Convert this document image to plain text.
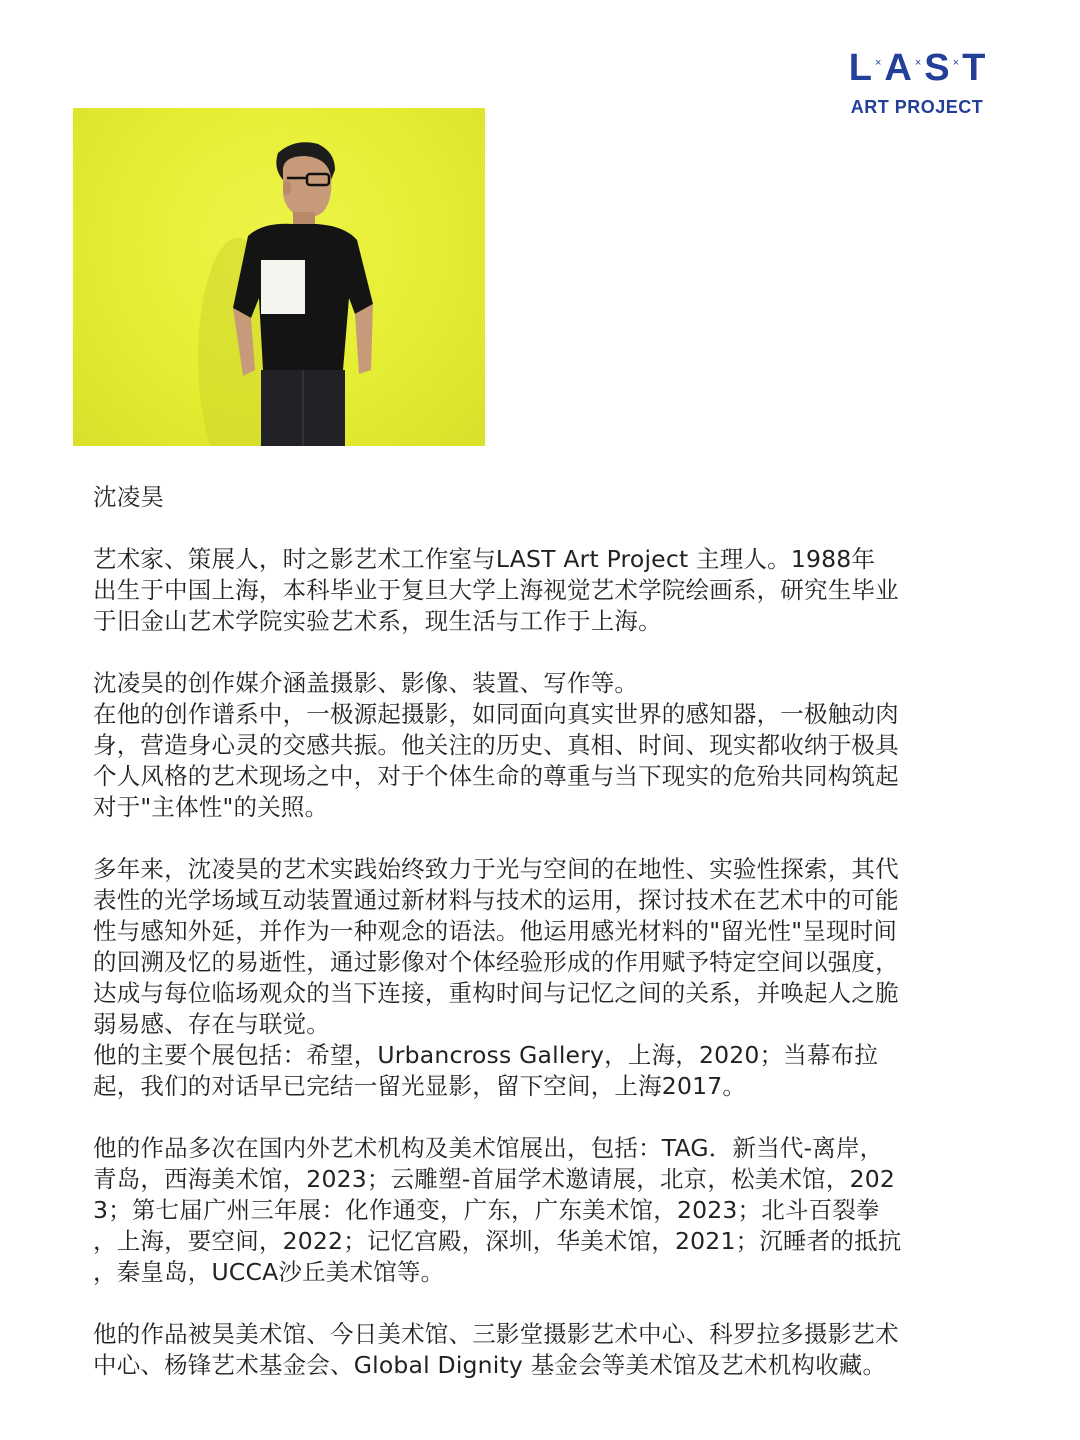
L × A × S × T
ART PROJECT

沈凌昊

艺术家、策展人，时之影艺术工作室与LAST Art Project 主理人。1988年

出生于中国上海，本科毕业于复旦大学上海视觉艺术学院绘画系，研究生毕业

于旧金山艺术学院实验艺术系，现生活与工作于上海。

沈凌昊的创作媒介涵盖摄影、影像、装置、写作等。

在他的创作谱系中，一极源起摄影，如同面向真实世界的感知器，一极触动肉

身，营造身心灵的交感共振。他关注的历史、真相、时间、现实都收纳于极具

个人风格的艺术现场之中，对于个体生命的尊重与当下现实的危殆共同构筑起

对于"主体性"的关照。

多年来，沈凌昊的艺术实践始终致力于光与空间的在地性、实验性探索，其代

表性的光学场域互动装置通过新材料与技术的运用，探讨技术在艺术中的可能

性与感知外延，并作为一种观念的语法。他运用感光材料的"留光性"呈现时间

的回溯及忆的易逝性，通过影像对个体经验形成的作用赋予特定空间以强度，

达成与每位临场观众的当下连接，重构时间与记忆之间的关系，并唤起人之脆

弱易感、存在与联觉。

他的主要个展包括：希望，Urbancross Gallery，上海，2020；当幕布拉

起，我们的对话早已完结一留光显影，留下空间，上海2017。

他的作品多次在国内外艺术机构及美术馆展出，包括：TAG．新当代-离岸，

青岛，西海美术馆，2023；云雕塑-首届学术邀请展，北京，松美术馆，202

3；第七届广州三年展：化作通变，广东，广东美术馆，2023；北斗百裂拳

，上海，要空间，2022；记忆宫殿，深圳，华美术馆，2021；沉睡者的抵抗

，秦皇岛，UCCA沙丘美术馆等。

他的作品被昊美术馆、今日美术馆、三影堂摄影艺术中心、科罗拉多摄影艺术

中心、杨锋艺术基金会、Global Dignity 基金会等美术馆及艺术机构收藏。
